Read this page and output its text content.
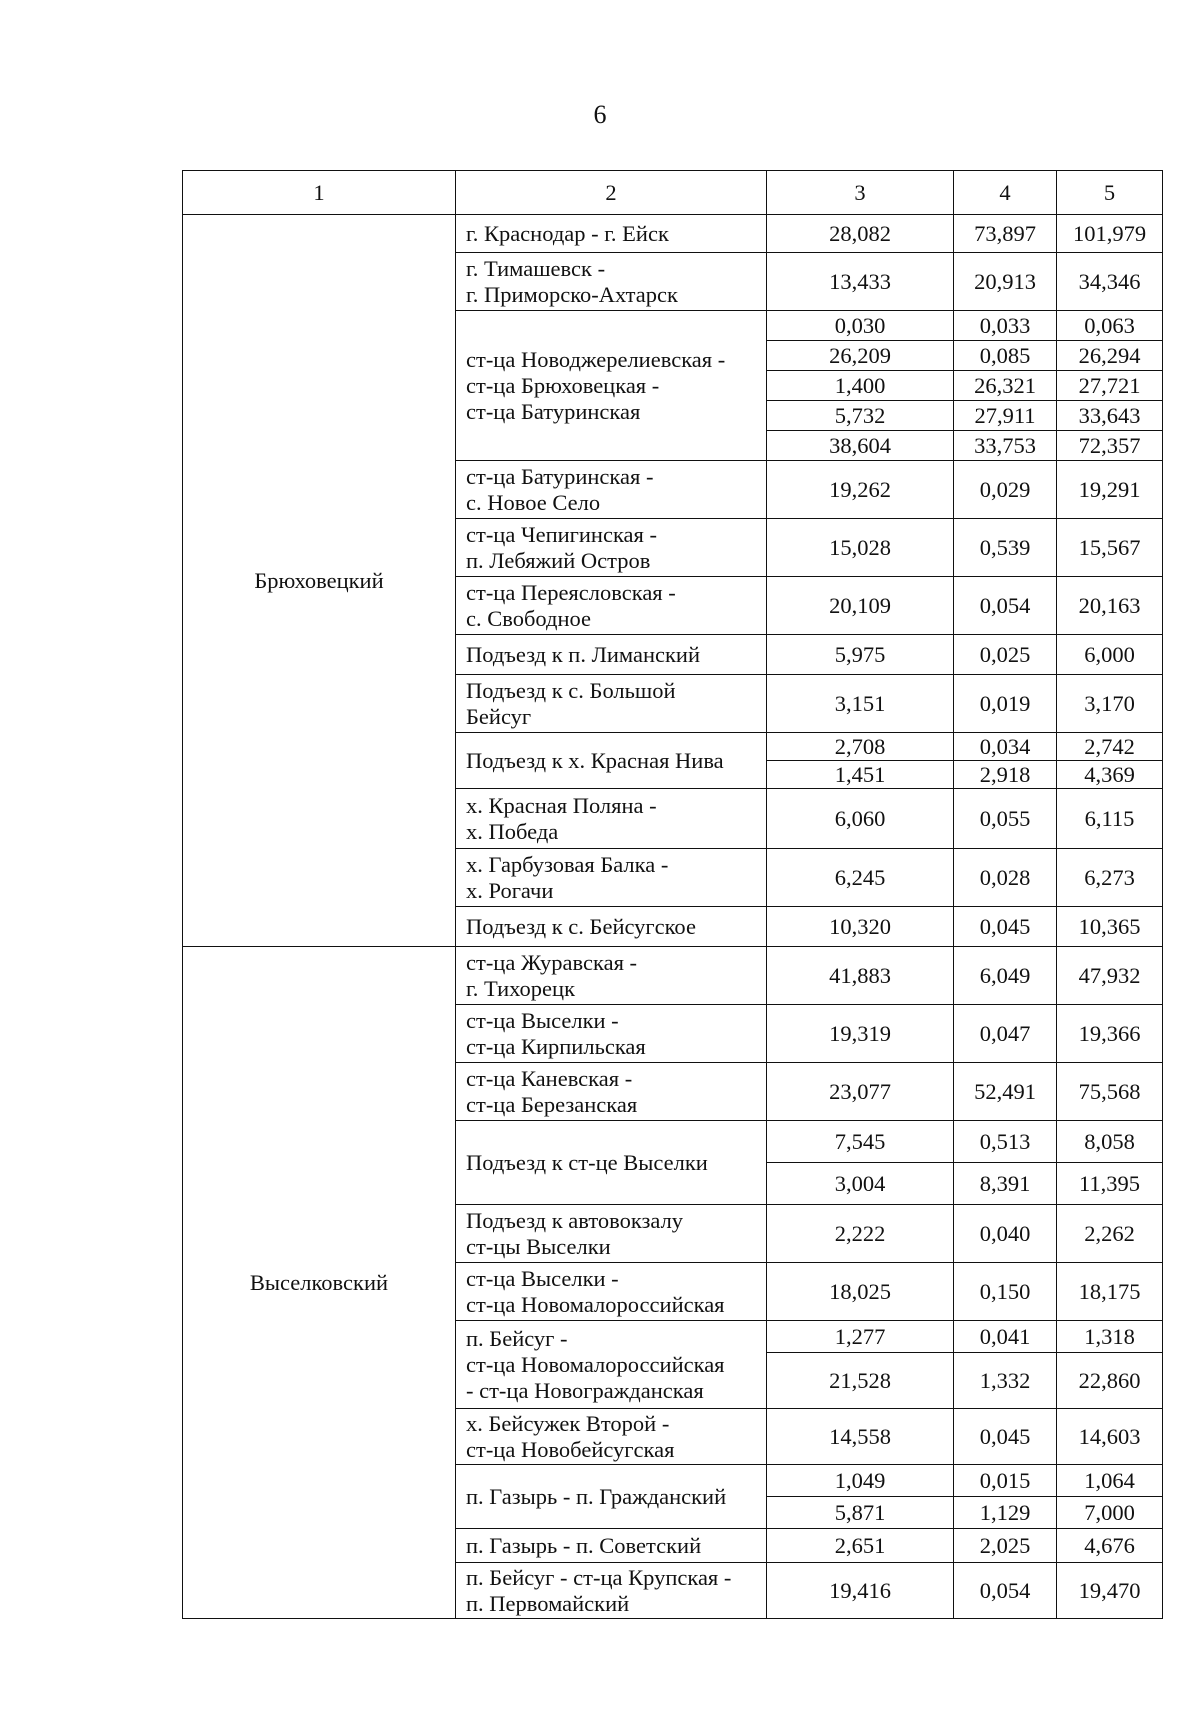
6
1	2	3	4	5
Брюховецкий	г. Краснодар - г. Ейск	28,082	73,897	101,979

	г. Тимашевск -
г. Приморско-Ахтарск	13,433	20,913	34,346

	ст-ца Новоджерелиевская -
ст-ца Брюховецкая -
ст-ца Батуринская	0,030	0,033	0,063
		26,209	0,085	26,294
		1,400	26,321	27,721
		5,732	27,911	33,643
		38,604	33,753	72,357

	ст-ца Батуринская -
с. Новое Село	19,262	0,029	19,291

	ст-ца Чепигинская -
п. Лебяжий Остров	15,028	0,539	15,567

	ст-ца Переясловская -
с. Свободное	20,109	0,054	20,163

	Подъезд к п. Лиманский	5,975	0,025	6,000

	Подъезд к с. Большой
Бейсуг	3,151	0,019	3,170

	Подъезд к х. Красная Нива	2,708	0,034	2,742
		1,451	2,918	4,369

	х. Красная Поляна -
х. Победа	6,060	0,055	6,115

	х. Гарбузовая Балка -
х. Рогачи	6,245	0,028	6,273

	Подъезд к с. Бейсугское	10,320	0,045	10,365
Выселковский	ст-ца Журавская -
г. Тихорецк	41,883	6,049	47,932

	ст-ца Выселки -
ст-ца Кирпильская	19,319	0,047	19,366

	ст-ца Каневская -
ст-ца Березанская	23,077	52,491	75,568

	Подъезд к ст-це Выселки	7,545	0,513	8,058
		3,004	8,391	11,395

	Подъезд к автовокзалу
ст-цы Выселки	2,222	0,040	2,262

	ст-ца Выселки -
ст-ца Новомалороссийская	18,025	0,150	18,175

	п. Бейсуг -
ст-ца Новомалороссийская
- ст-ца Новогражданская	1,277	0,041	1,318
		21,528	1,332	22,860

	х. Бейсужек Второй -
ст-ца Новобейсугская	14,558	0,045	14,603

	п. Газырь - п. Гражданский	1,049	0,015	1,064
		5,871	1,129	7,000

	п. Газырь - п. Советский	2,651	2,025	4,676

	п. Бейсуг - ст-ца Крупская -
п. Первомайский	19,416	0,054	19,470
